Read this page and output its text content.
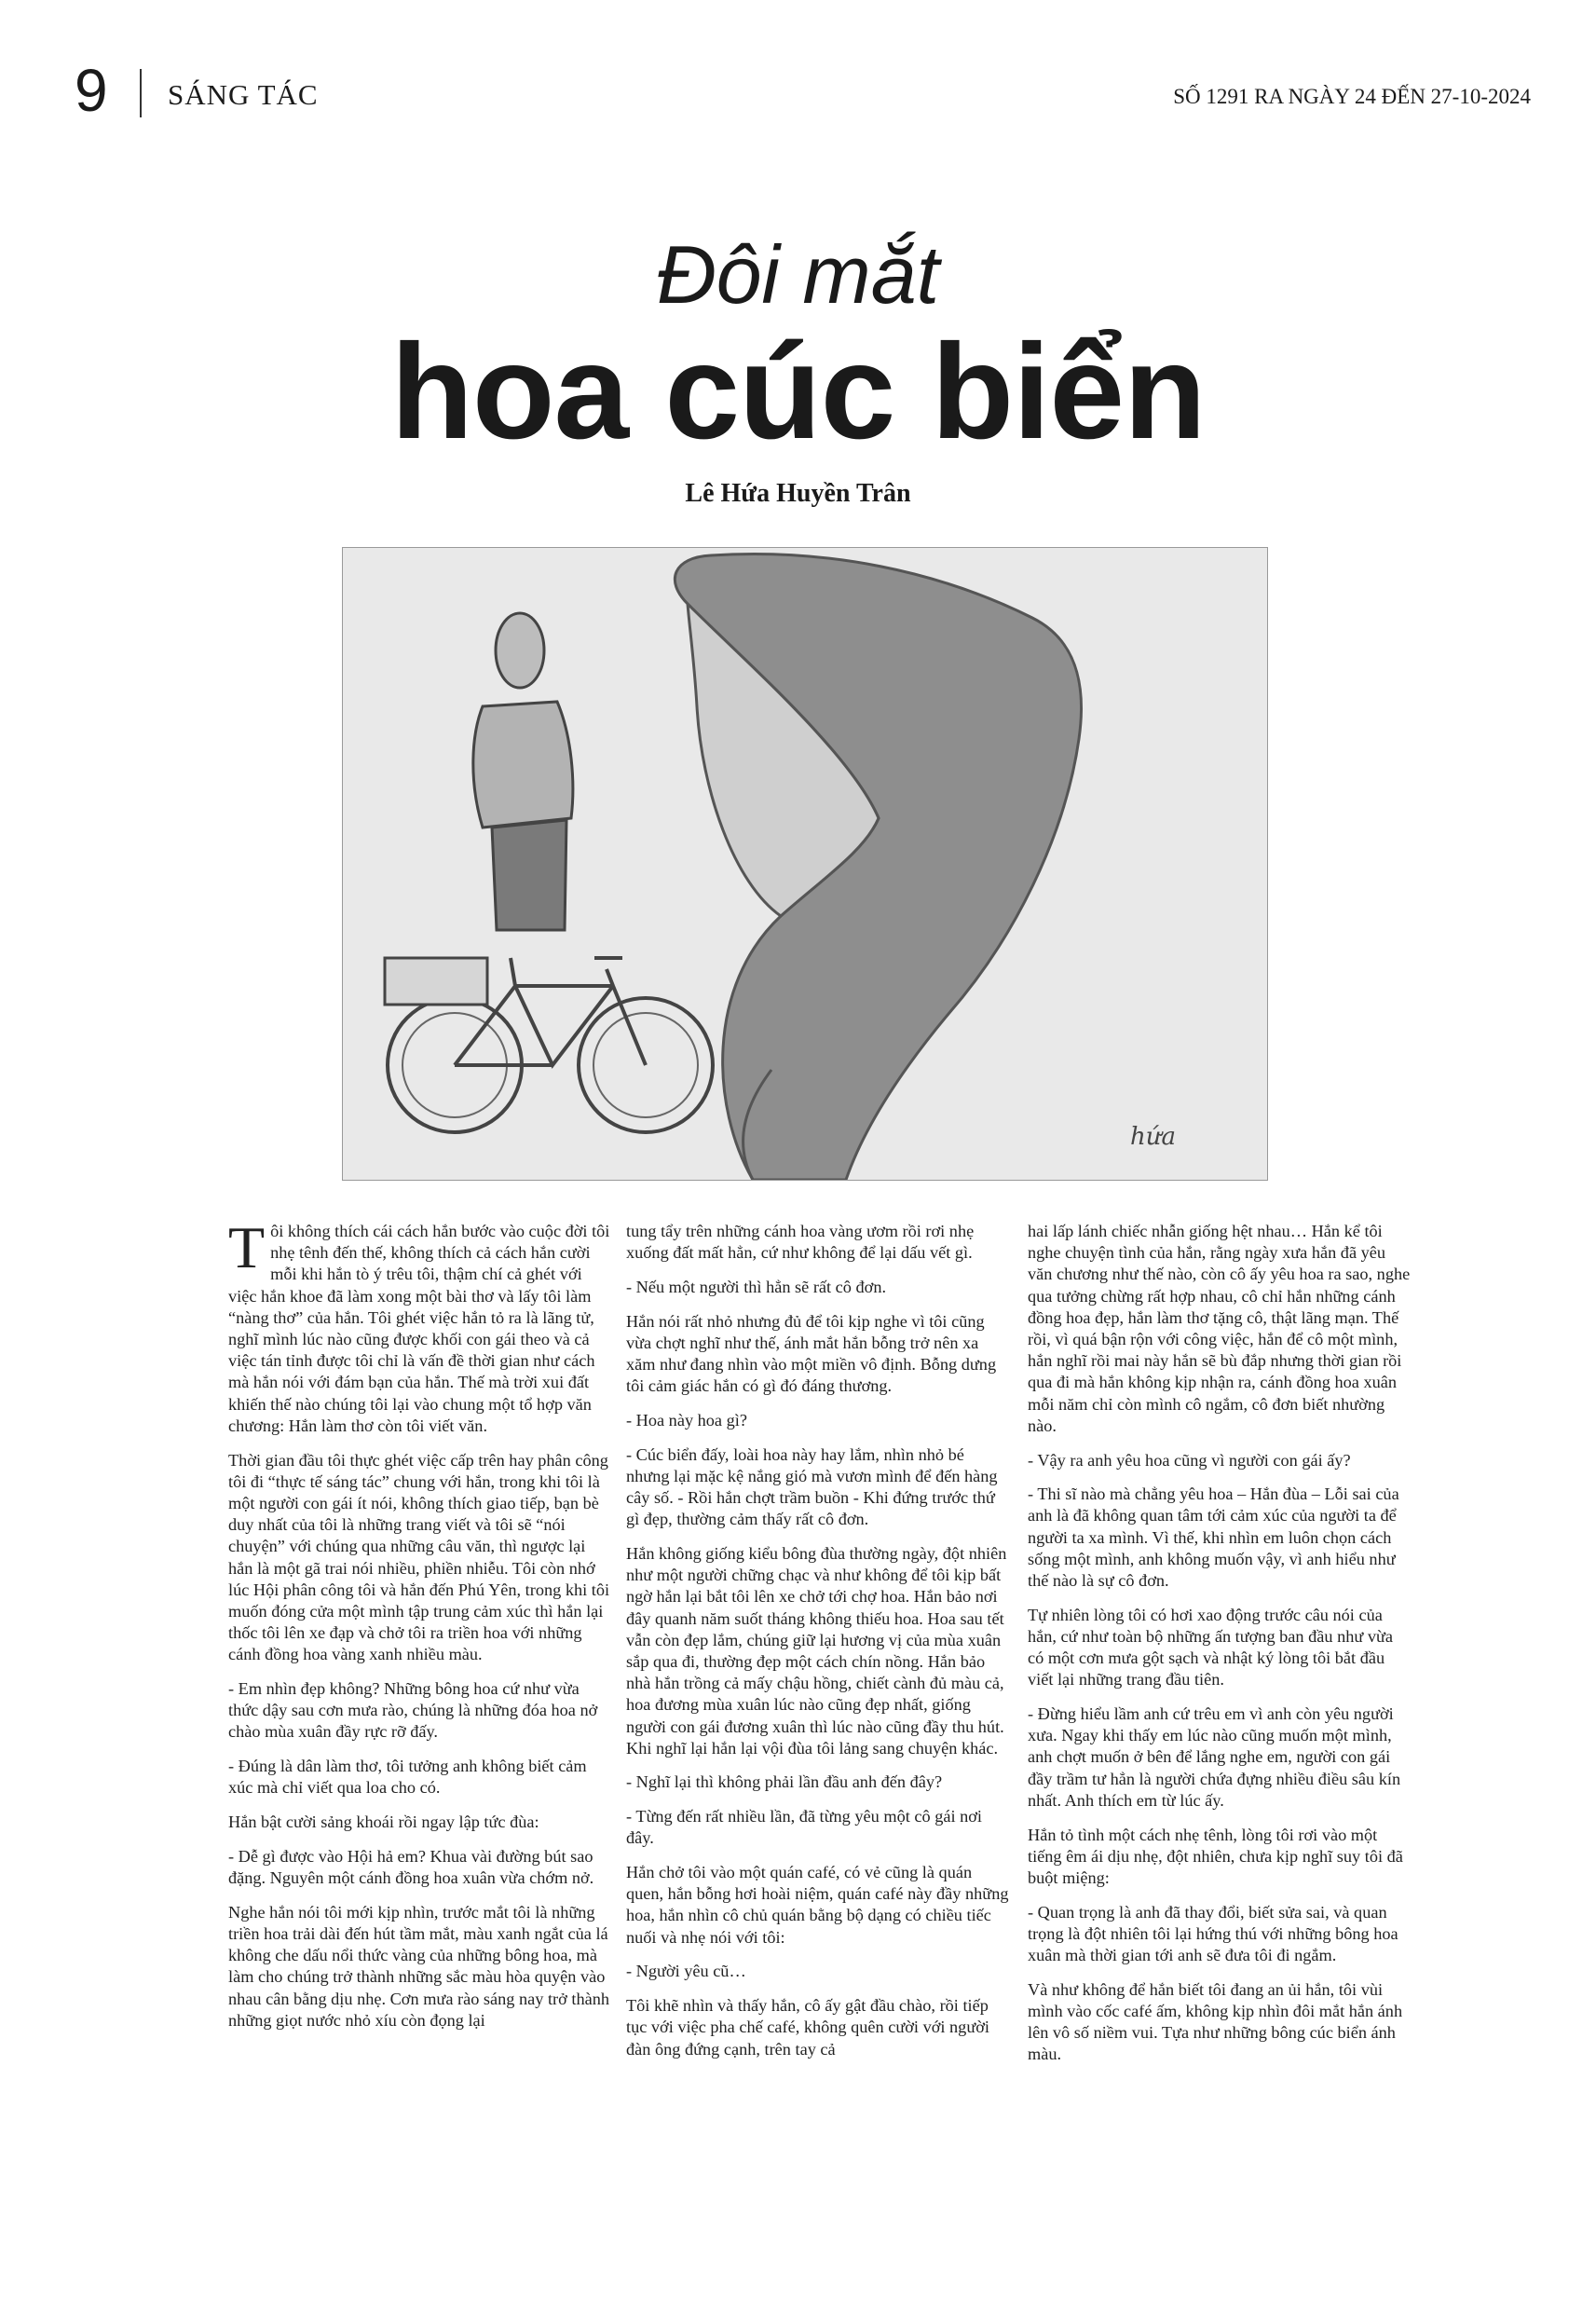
9 SÁNG TÁC	SỐ 1291 RA NGÀY 24 ĐẾN 27-10-2024
Đôi mắt
hoa cúc biển
Lê Hứa Huyền Trân
hứa

Tôi không thích cái cách hắn bước vào cuộc đời tôi nhẹ tênh đến thế, không thích cả cách hắn cười mỗi khi hắn tò ý trêu tôi, thậm chí cả ghét với việc hắn khoe đã làm xong một bài thơ và lấy tôi làm “nàng thơ” của hắn. Tôi ghét việc hắn tỏ ra là lãng tử, nghĩ mình lúc nào cũng được khối con gái theo và cả việc tán tỉnh được tôi chỉ là vấn đề thời gian như cách mà hắn nói với đám bạn của hắn. Thế mà trời xui đất khiến thế nào chúng tôi lại vào chung một tổ hợp văn chương: Hắn làm thơ còn tôi viết văn.

Thời gian đầu tôi thực ghét việc cấp trên hay phân công tôi đi “thực tế sáng tác” chung với hắn, trong khi tôi là một người con gái ít nói, không thích giao tiếp, bạn bè duy nhất của tôi là những trang viết và tôi sẽ “nói chuyện” với chúng qua những câu văn, thì ngược lại hắn là một gã trai nói nhiều, phiền nhiễu. Tôi còn nhớ lúc Hội phân công tôi và hắn đến Phú Yên, trong khi tôi muốn đóng cửa một mình tập trung cảm xúc thì hắn lại thốc tôi lên xe đạp và chở tôi ra triền hoa với những cánh đồng hoa vàng xanh nhiều màu.

- Em nhìn đẹp không? Những bông hoa cứ như vừa thức dậy sau cơn mưa rào, chúng là những đóa hoa nở chào mùa xuân đầy rực rỡ đấy.

- Đúng là dân làm thơ, tôi tưởng anh không biết cảm xúc mà chỉ viết qua loa cho có.

Hắn bật cười sảng khoái rồi ngay lập tức đùa:

- Dễ gì được vào Hội hả em? Khua vài đường bút sao đặng. Nguyên một cánh đồng hoa xuân vừa chớm nở.

Nghe hắn nói tôi mới kịp nhìn, trước mắt tôi là những triền hoa trải dài đến hút tầm mắt, màu xanh ngắt của lá không che dấu nổi thức vàng của những bông hoa, mà làm cho chúng trở thành những sắc màu hòa quyện vào nhau cân bằng dịu nhẹ. Cơn mưa rào sáng nay trở thành những giọt nước nhỏ xíu còn đọng lại

tung tẩy trên những cánh hoa vàng ươm rồi rơi nhẹ xuống đất mất hẳn, cứ như không để lại dấu vết gì.

- Nếu một người thì hẳn sẽ rất cô đơn.

Hắn nói rất nhỏ nhưng đủ để tôi kịp nghe vì tôi cũng vừa chợt nghĩ như thế, ánh mắt hắn bỗng trở nên xa xăm như đang nhìn vào một miền vô định. Bỗng dưng tôi cảm giác hắn có gì đó đáng thương.

- Hoa này hoa gì?

- Cúc biển đấy, loài hoa này hay lắm, nhìn nhỏ bé nhưng lại mặc kệ nắng gió mà vươn mình để đến hàng cây số. - Rồi hắn chợt trầm buồn - Khi đứng trước thứ gì đẹp, thường cảm thấy rất cô đơn.

Hắn không giống kiểu bông đùa thường ngày, đột nhiên như một người chững chạc và như không để tôi kịp bất ngờ hắn lại bắt tôi lên xe chở tới chợ hoa. Hắn bảo nơi đây quanh năm suốt tháng không thiếu hoa. Hoa sau tết vẫn còn đẹp lắm, chúng giữ lại hương vị của mùa xuân sắp qua đi, thường đẹp một cách chín nồng. Hắn bảo nhà hắn trồng cả mấy chậu hồng, chiết cành đủ màu cả, hoa đương mùa xuân lúc nào cũng đẹp nhất, giống người con gái đương xuân thì lúc nào cũng đầy thu hút. Khi nghĩ lại hắn lại vội đùa tôi lảng sang chuyện khác.

- Nghĩ lại thì không phải lần đầu anh đến đây?

- Từng đến rất nhiều lần, đã từng yêu một cô gái nơi đây.

Hắn chở tôi vào một quán café, có vẻ cũng là quán quen, hắn bỗng hơi hoài niệm, quán café này đầy những hoa, hắn nhìn cô chủ quán bằng bộ dạng có chiều tiếc nuối và nhẹ nói với tôi:

- Người yêu cũ…

Tôi khẽ nhìn và thấy hắn, cô ấy gật đầu chào, rồi tiếp tục với việc pha chế café, không quên cười với người đàn ông đứng cạnh, trên tay cả

hai lấp lánh chiếc nhẫn giống hệt nhau… Hắn kể tôi nghe chuyện tình của hắn, rằng ngày xưa hắn đã yêu văn chương như thế nào, còn cô ấy yêu hoa ra sao, nghe qua tưởng chừng rất hợp nhau, cô chỉ hắn những cánh đồng hoa đẹp, hắn làm thơ tặng cô, thật lãng mạn. Thế rồi, vì quá bận rộn với công việc, hắn để cô một mình, hắn nghĩ rồi mai này hắn sẽ bù đắp nhưng thời gian rồi qua đi mà hắn không kịp nhận ra, cánh đồng hoa xuân mỗi năm chỉ còn mình cô ngắm, cô đơn biết nhường nào.

- Vậy ra anh yêu hoa cũng vì người con gái ấy?

- Thi sĩ nào mà chẳng yêu hoa – Hắn đùa – Lỗi sai của anh là đã không quan tâm tới cảm xúc của người ta để người ta xa mình. Vì thế, khi nhìn em luôn chọn cách sống một mình, anh không muốn vậy, vì anh hiểu như thế nào là sự cô đơn.

Tự nhiên lòng tôi có hơi xao động trước câu nói của hắn, cứ như toàn bộ những ấn tượng ban đầu như vừa có một cơn mưa gột sạch và nhật ký lòng tôi bắt đầu viết lại những trang đầu tiên.

- Đừng hiểu lầm anh cứ trêu em vì anh còn yêu người xưa. Ngay khi thấy em lúc nào cũng muốn một mình, anh chợt muốn ở bên để lắng nghe em, người con gái đầy trầm tư hẳn là người chứa đựng nhiều điều sâu kín nhất. Anh thích em từ lúc ấy.

Hắn tỏ tình một cách nhẹ tênh, lòng tôi rơi vào một tiếng êm ái dịu nhẹ, đột nhiên, chưa kịp nghĩ suy tôi đã buột miệng:

- Quan trọng là anh đã thay đổi, biết sửa sai, và quan trọng là đột nhiên tôi lại hứng thú với những bông hoa xuân mà thời gian tới anh sẽ đưa tôi đi ngắm.

Và như không để hắn biết tôi đang an ủi hắn, tôi vùi mình vào cốc café ấm, không kịp nhìn đôi mắt hắn ánh lên vô số niềm vui. Tựa như những bông cúc biển ánh màu.
